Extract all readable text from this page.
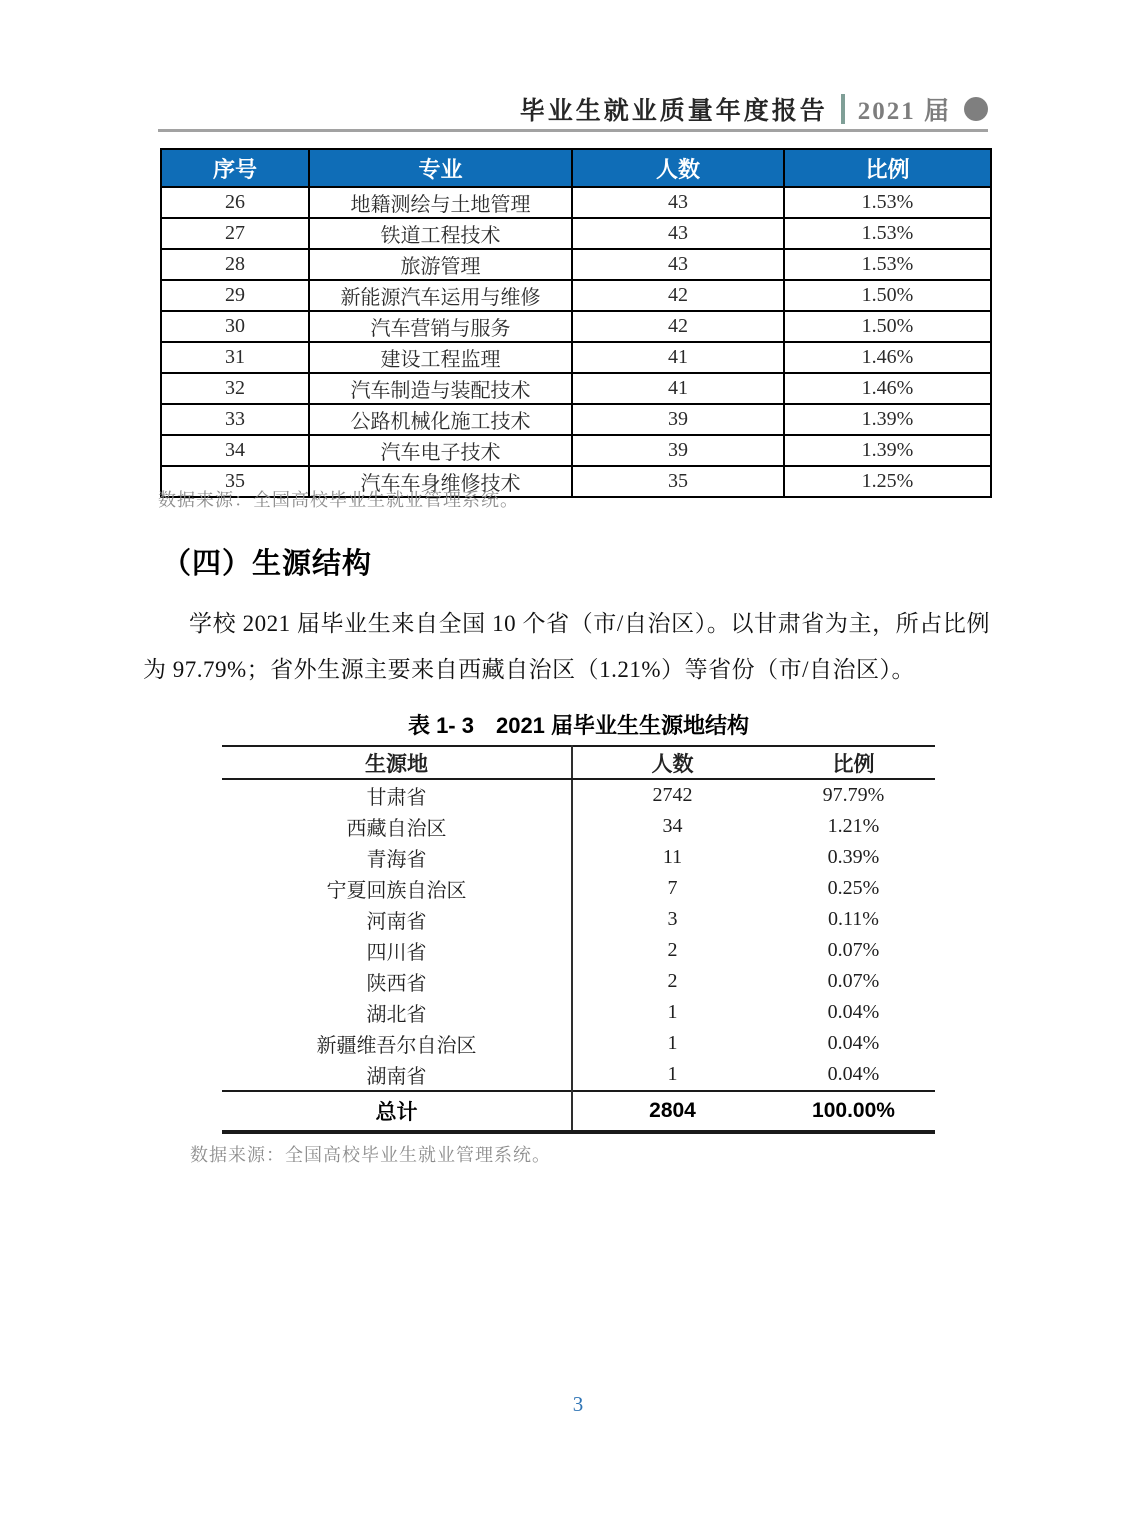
毕业生就业质量年度报告 2021 届
序号	专业	人数	比例
26	地籍测绘与土地管理	43	1.53%
27	铁道工程技术	43	1.53%
28	旅游管理	43	1.53%
29	新能源汽车运用与维修	42	1.50%
30	汽车营销与服务	42	1.50%
31	建设工程监理	41	1.46%
32	汽车制造与装配技术	41	1.46%
33	公路机械化施工技术	39	1.39%
34	汽车电子技术	39	1.39%
35	汽车车身维修技术	35	1.25%
数据来源：全国高校毕业生就业管理系统。
（四）生源结构
学校 2021 届毕业生来自全国 10 个省（市/自治区）。以甘肃省为主，所占比例为 97.79%；省外生源主要来自西藏自治区（1.21%）等省份（市/自治区）。
表 1- 3　2021 届毕业生生源地结构
生源地	人数	比例
甘肃省	2742	97.79%
西藏自治区	34	1.21%
青海省	11	0.39%
宁夏回族自治区	7	0.25%
河南省	3	0.11%
四川省	2	0.07%
陕西省	2	0.07%
湖北省	1	0.04%
新疆维吾尔自治区	1	0.04%
湖南省	1	0.04%
总计	2804	100.00%
数据来源：全国高校毕业生就业管理系统。
3
